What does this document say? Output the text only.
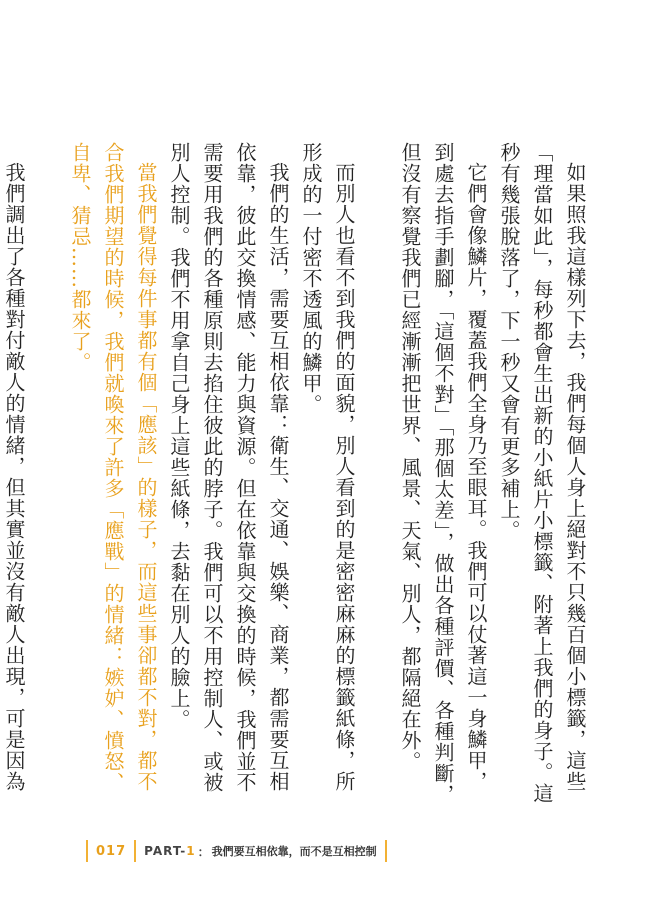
如果照我這樣列下去，我們每個人身上絕對不只幾百個小標籤，這些「理當如此」，每秒都會生出新的小紙片小標籤、附著上我們的身子。這秒有幾張脫落了，下一秒又會有更多補上。

它們會像鱗片，覆蓋我們全身乃至眼耳。我們可以仗著這一身鱗甲，到處去指手劃腳，「這個不對」「那個太差」，做出各種評價、各種判斷，但沒有察覺我們已經漸漸把世界、風景、天氣、別人，都隔絕在外。

而別人也看不到我們的面貌，別人看到的是密密麻麻的標籤紙條，所形成的一付密不透風的鱗甲。

我們的生活，需要互相依靠：衛生、交通、娛樂、商業，都需要互相依靠，彼此交換情感、能力與資源。但在依靠與交換的時候，我們並不需要用我們的各種原則去掐住彼此的脖子。我們可以不用控制人、或被別人控制。我們不用拿自己身上這些紙條，去黏在別人的臉上。

當我們覺得每件事都有個「應該」的樣子，而這些事卻都不對，都不合我們期望的時候，我們就喚來了許多「應戰」的情緒：嫉妒、憤怒、自卑、猜忌……都來了。

我們調出了各種對付敵人的情緒，但其實並沒有敵人出現，可是因為

017 PART- 1 ： 我們要互相依靠，而不是互相控制
